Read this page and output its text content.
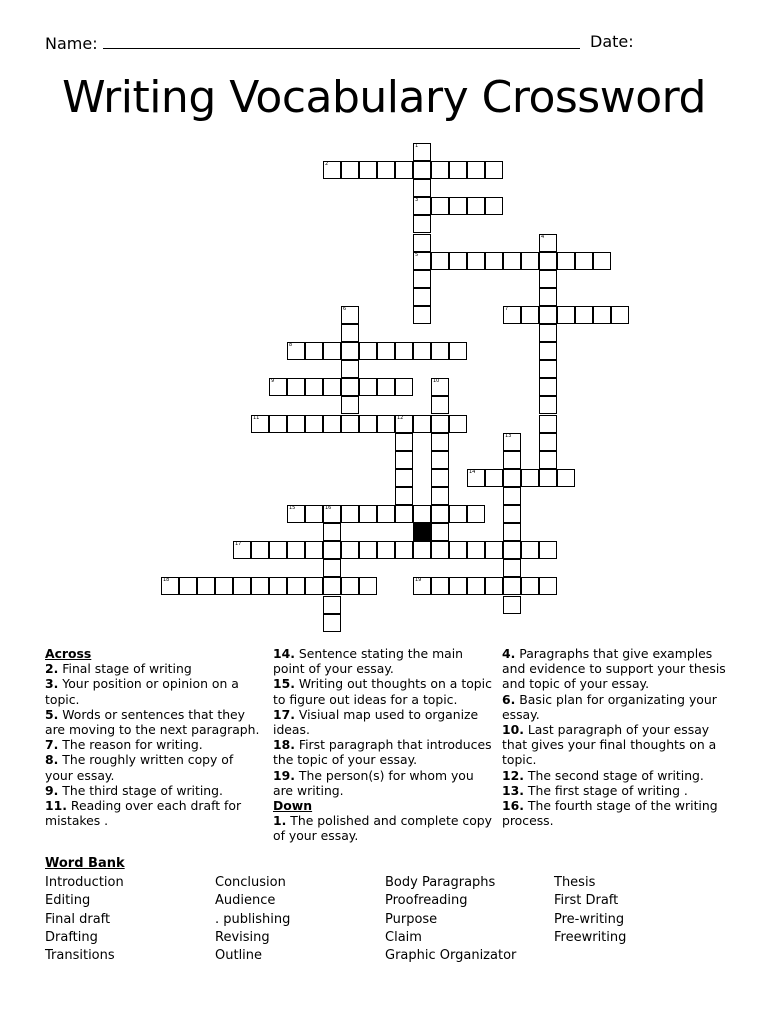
Name:	Date:
Writing Vocabulary Crossword
1
3
5
2
4
6	7
8
9	10
11	12
13
14
15	16
17
18	19
Across
2. Final stage of writing
3. Your position or opinion on a topic.
5. Words or sentences that they are moving to the next paragraph.
7. The reason for writing.
8. The roughly written copy of your essay.
9. The third stage of writing.
11. Reading over each draft for mistakes .
14. Sentence stating the main point of your essay.
15. Writing out thoughts on a topic to figure out ideas for a topic.
17. Visiual map used to organize ideas.
18. First paragraph that introduces the topic of your essay.
19. The person(s) for whom you are writing.
Down
1. The polished and complete copy of your essay.
4. Paragraphs that give examples and evidence to support your thesis and topic of your essay.
6. Basic plan for organizating your essay.
10. Last paragraph of your essay that gives your final thoughts on a topic.
12. The second stage of writing.
13. The first stage of writing .
16. The fourth stage of the writing process.
Word Bank
Introduction
Editing
Final draft
Drafting
Transitions
Conclusion
Audience
. publishing
Revising
Outline
Body Paragraphs
Proofreading
Purpose
Claim
Graphic Organizator
Thesis
First Draft
Pre-writing
Freewriting
